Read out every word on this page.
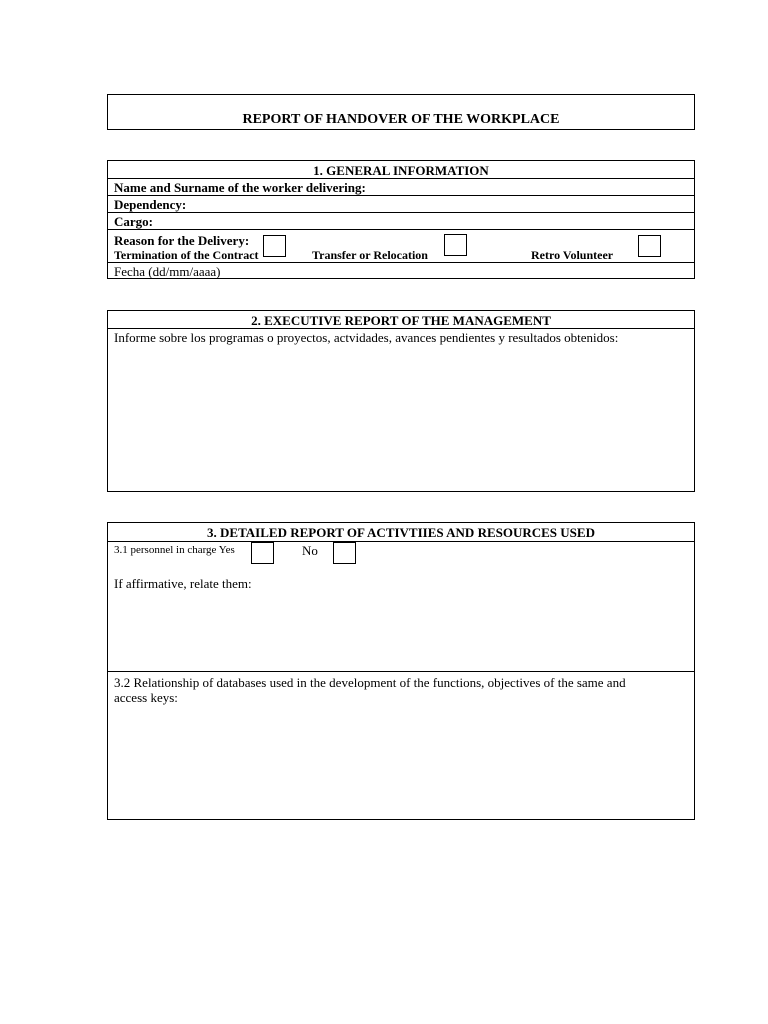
REPORT OF HANDOVER OF THE WORKPLACE
1. GENERAL INFORMATION
Name and Surname of the worker delivering:
Dependency:
Cargo:
Reason for the Delivery:
Termination of the Contract	Transfer or Relocation	Retro Volunteer
Fecha (dd/mm/aaaa)
2. EXECUTIVE REPORT OF THE MANAGEMENT
Informe sobre los programas o proyectos, actvidades, avances pendientes y resultados obtenidos:
3. DETAILED REPORT OF ACTIVTIIES AND RESOURCES USED
3.1 personnel in charge Yes	No
If affirmative, relate them:
3.2 Relationship of databases used in the development of the functions, objectives of the same and
access keys:
